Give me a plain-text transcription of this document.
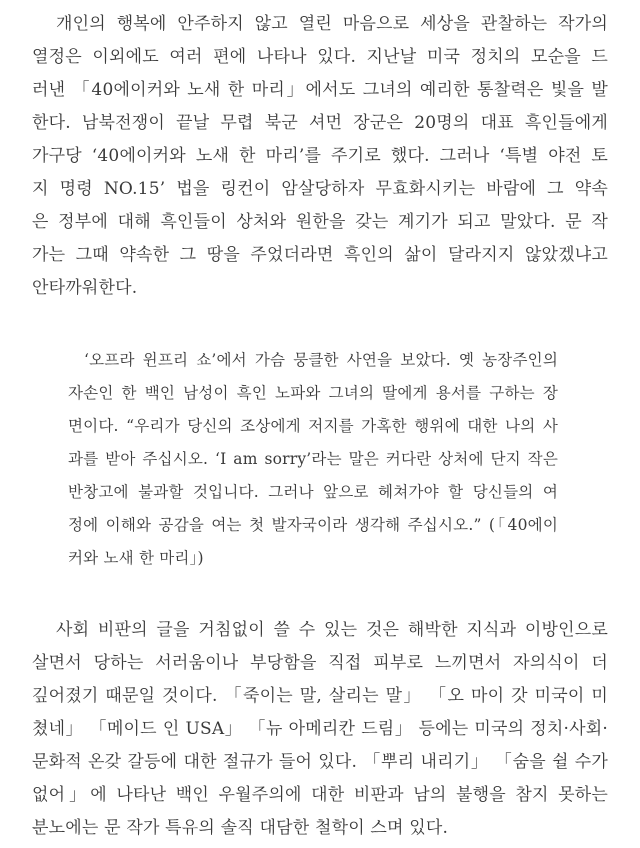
개인의 행복에 안주하지 않고 열린 마음으로 세상을 관찰하는 작가의
열정은 이외에도 여러 편에 나타나 있다. 지난날 미국 정치의 모순을 드
러낸 「40에이커와 노새 한 마리」에서도 그녀의 예리한 통찰력은 빛을 발
한다. 남북전쟁이 끝날 무렵 북군 셔먼 장군은 20명의 대표 흑인들에게
가구당 ‘40에이커와 노새 한 마리’를 주기로 했다. 그러나 ‘특별 야전 토
지 명령 NO.15’ 법을 링컨이 암살당하자 무효화시키는 바람에 그 약속
은 정부에 대해 흑인들이 상처와 원한을 갖는 계기가 되고 말았다. 문 작
가는 그때 약속한 그 땅을 주었더라면 흑인의 삶이 달라지지 않았겠냐고
안타까워한다.

‘오프라 윈프리 쇼’에서 가슴 뭉클한 사연을 보았다. 옛 농장주인의
자손인 한 백인 남성이 흑인 노파와 그녀의 딸에게 용서를 구하는 장
면이다. “우리가 당신의 조상에게 저지를 가혹한 행위에 대한 나의 사
과를 받아 주십시오. ‘I am sorry’라는 말은 커다란 상처에 단지 작은
반창고에 불과할 것입니다. 그러나 앞으로 헤쳐가야 할 당신들의 여
정에 이해와 공감을 여는 첫 발자국이라 생각해 주십시오.” (「40에이
커와 노새 한 마리」)

사회 비판의 글을 거침없이 쓸 수 있는 것은 해박한 지식과 이방인으로
살면서 당하는 서러움이나 부당함을 직접 피부로 느끼면서 자의식이 더
깊어졌기 때문일 것이다. 「죽이는 말, 살리는 말」 「오 마이 갓 미국이 미
쳤네」 「메이드 인 USA」 「뉴 아메리칸 드림」 등에는 미국의 정치·사회·
문화적 온갖 갈등에 대한 절규가 들어 있다. 「뿌리 내리기」 「숨을 쉴 수가
없어」에 나타난 백인 우월주의에 대한 비판과 남의 불행을 참지 못하는
분노에는 문 작가 특유의 솔직 대담한 철학이 스며 있다.
